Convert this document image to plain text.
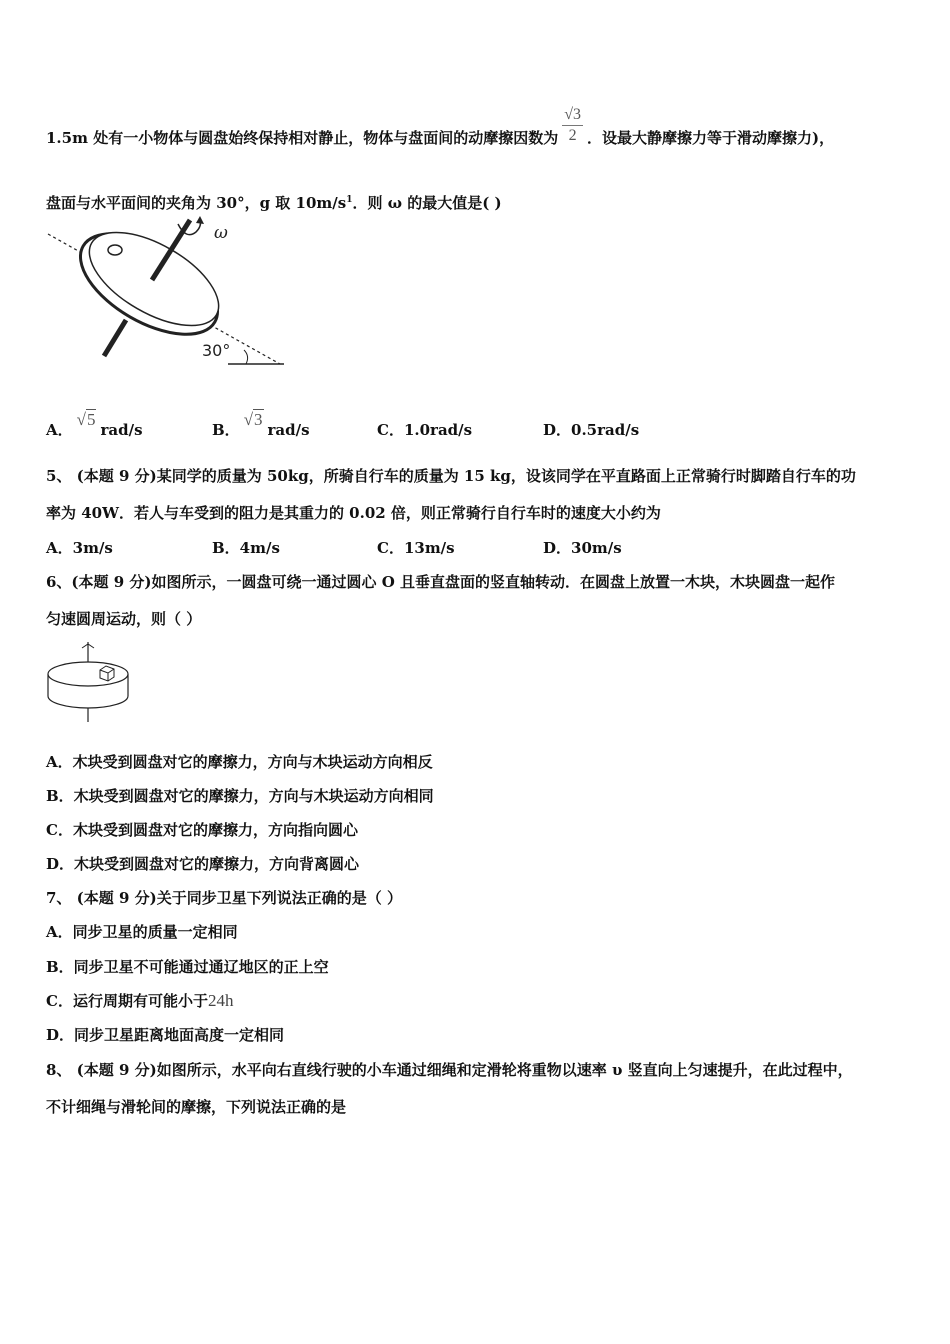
1.5m 处有一小物体与圆盘始终保持相对静止，物体与盘面间的动摩擦因数为 $\frac{√3}{2}$ ．设最大静摩擦力等于滑动摩擦力)，
盘面与水平面间的夹角为 30°，g 取 $10m/s^1$．则 ω 的最大值是( )
ω
30°
A．√5rad/s	B．√3rad/s	C．1.0rad/s	D．0.5rad/s
5、 (本题 9 分)某同学的质量为 50kg，所骑自行车的质量为 15 kg，设该同学在平直路面上正常骑行时脚踏自行车的功
率为 40W．若人与车受到的阻力是其重力的 0.02 倍，则正常骑行自行车时的速度大小约为
A．3m/s	B．4m/s	C．13m/s	D．30m/s
6、(本题 9 分)如图所示，一圆盘可绕一通过圆心 O 且垂直盘面的竖直轴转动．在圆盘上放置一木块，木块圆盘一起作
匀速圆周运动，则（ ）
A．木块受到圆盘对它的摩擦力，方向与木块运动方向相反
B．木块受到圆盘对它的摩擦力，方向与木块运动方向相同
C．木块受到圆盘对它的摩擦力，方向指向圆心
D．木块受到圆盘对它的摩擦力，方向背离圆心
7、 (本题 9 分)关于同步卫星下列说法正确的是（ ）
A．同步卫星的质量一定相同
B．同步卫星不可能通过通辽地区的正上空
C．运行周期有可能小于24h
D．同步卫星距离地面高度一定相同
8、 (本题 9 分)如图所示，水平向右直线行驶的小车通过细绳和定滑轮将重物以速率 υ 竖直向上匀速提升，在此过程中，
不计细绳与滑轮间的摩擦，下列说法正确的是
